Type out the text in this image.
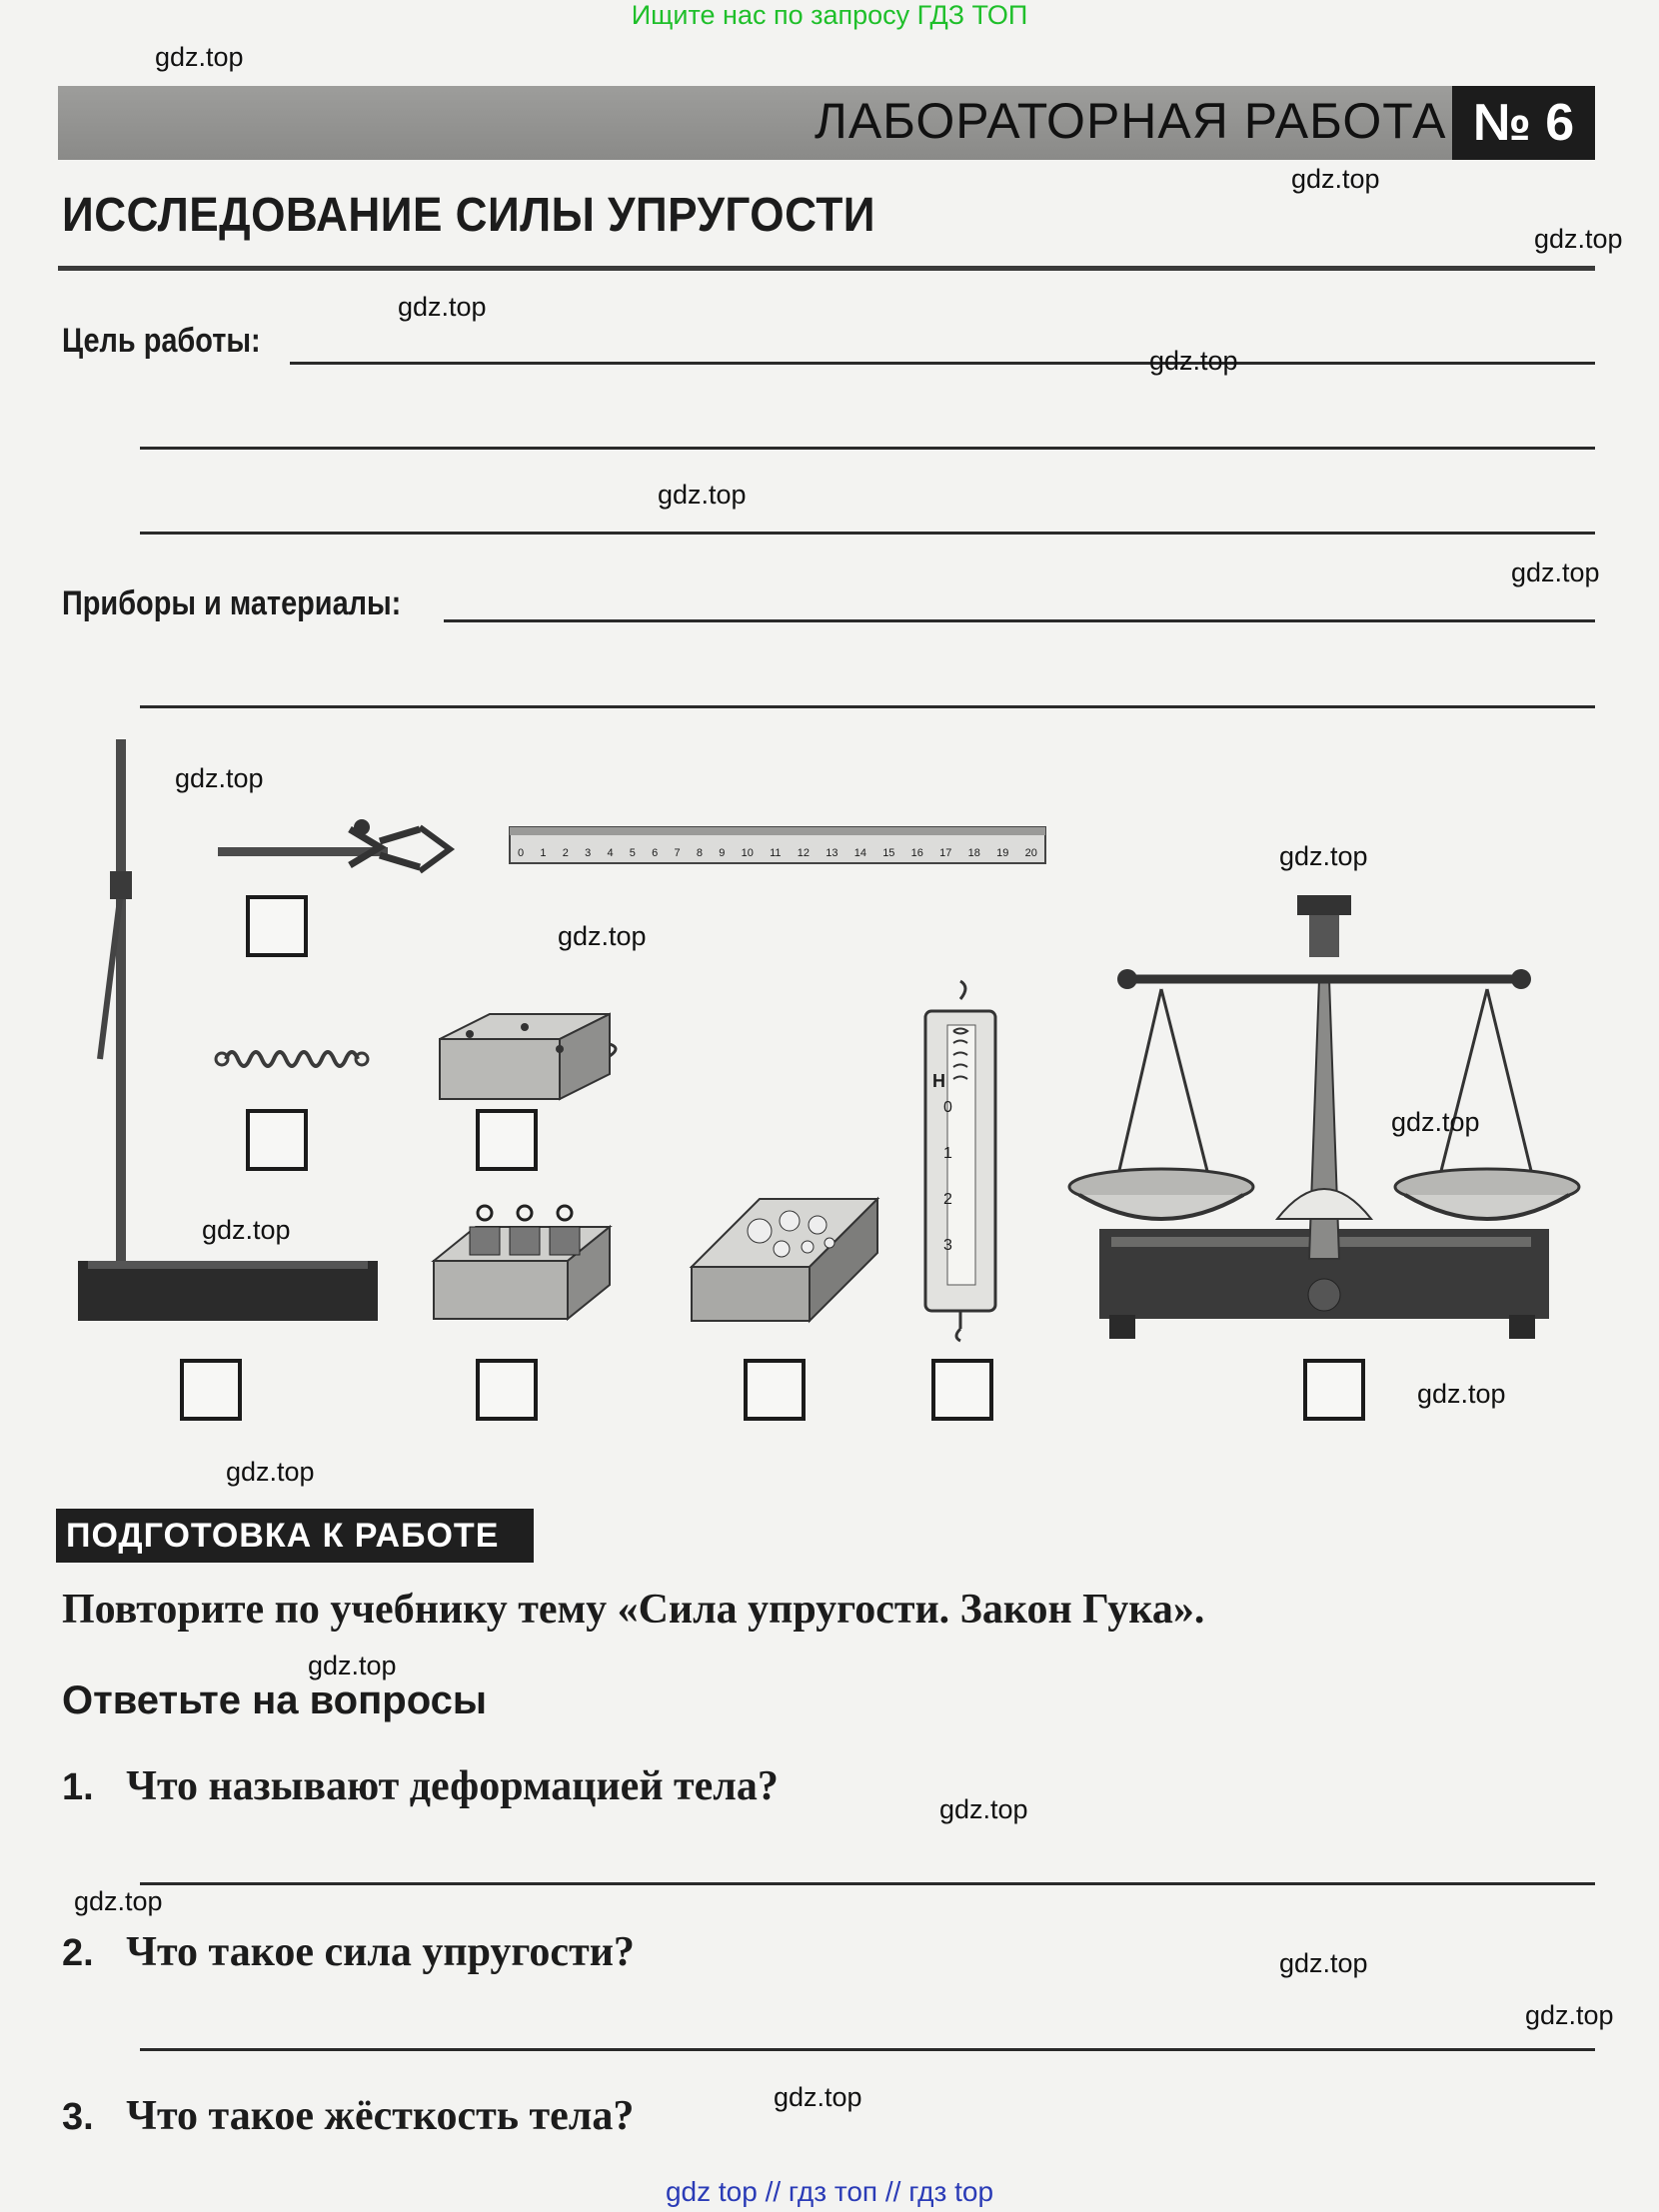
Ищите нас по запросу ГДЗ ТОП
ЛАБОРАТОРНАЯ РАБОТА № 6
ИССЛЕДОВАНИЕ СИЛЫ УПРУГОСТИ
Цель работы:
Приборы и материалы:
0 1 2 3 4 5 6 7 8 9 10 11 12 13 14 15 16 17 18 19 20
Н
0
1
2
3
ПОДГОТОВКА К РАБОТЕ
Повторите по учебнику тему «Сила упругости. Закон Гука».
Ответьте на вопросы
1. Что называют деформацией тела?
2. Что такое сила упругости?
3. Что такое жёсткость тела?
gdz.top
gdz.top
gdz.top
gdz.top
gdz.top
gdz.top
gdz.top
gdz.top
gdz.top
gdz.top
gdz.top
gdz.top
gdz.top
gdz.top
gdz.top
gdz.top
gdz.top
gdz.top
gdz.top
gdz.top
gdz top // гдз топ // гдз top
